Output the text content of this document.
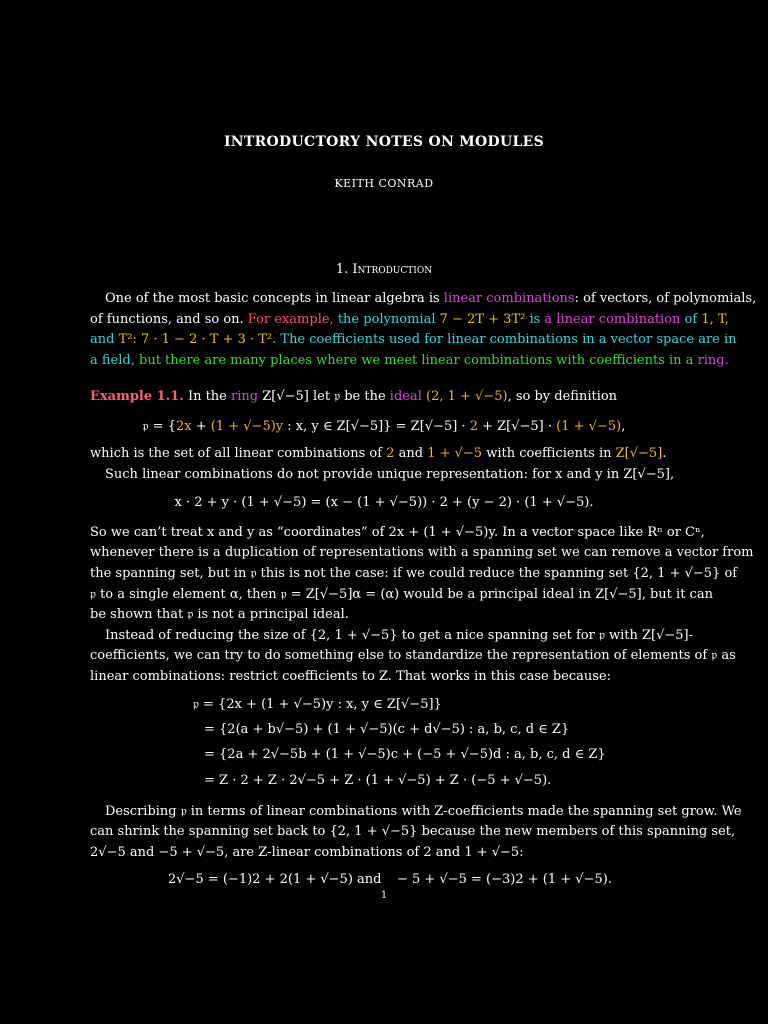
INTRODUCTORY NOTES ON MODULES
KEITH CONRAD
1. Introduction
One of the most basic concepts in linear algebra is linear combinations: of vectors, of polynomials,
of functions, and so on. For example, the polynomial 7 − 2T + 3T² is a linear combination of 1, T,
and T²: 7 · 1 − 2 · T + 3 · T². The coefficients used for linear combinations in a vector space are in
a field, but there are many places where we meet linear combinations with coefficients in a ring.
Example 1.1. In the ring Z[√−5] let 𝔭 be the ideal (2, 1 + √−5), so by definition
𝔭 = {2x + (1 + √−5)y : x, y ∈ Z[√−5]} = Z[√−5] · 2 + Z[√−5] · (1 + √−5),
which is the set of all linear combinations of 2 and 1 + √−5 with coefficients in Z[√−5].
Such linear combinations do not provide unique representation: for x and y in Z[√−5],
x · 2 + y · (1 + √−5) = (x − (1 + √−5)) · 2 + (y − 2) · (1 + √−5).
So we can’t treat x and y as “coordinates” of 2x + (1 + √−5)y. In a vector space like Rⁿ or Cⁿ,
whenever there is a duplication of representations with a spanning set we can remove a vector from
the spanning set, but in 𝔭 this is not the case: if we could reduce the spanning set {2, 1 + √−5} of
𝔭 to a single element α, then 𝔭 = Z[√−5]α = (α) would be a principal ideal in Z[√−5], but it can
be shown that 𝔭 is not a principal ideal.
Instead of reducing the size of {2, 1 + √−5} to get a nice spanning set for 𝔭 with Z[√−5]-
coefficients, we can try to do something else to standardize the representation of elements of 𝔭 as
linear combinations: restrict coefficients to Z. That works in this case because:
𝔭 = {2x + (1 + √−5)y : x, y ∈ Z[√−5]}
= {2(a + b√−5) + (1 + √−5)(c + d√−5) : a, b, c, d ∈ Z}
= {2a + 2√−5b + (1 + √−5)c + (−5 + √−5)d : a, b, c, d ∈ Z}
= Z · 2 + Z · 2√−5 + Z · (1 + √−5) + Z · (−5 + √−5).
Describing 𝔭 in terms of linear combinations with Z-coefficients made the spanning set grow. We
can shrink the spanning set back to {2, 1 + √−5} because the new members of this spanning set,
2√−5 and −5 + √−5, are Z-linear combinations of 2 and 1 + √−5:
2√−5 = (−1)2 + 2(1 + √−5) and − 5 + √−5 = (−3)2 + (1 + √−5).
1
